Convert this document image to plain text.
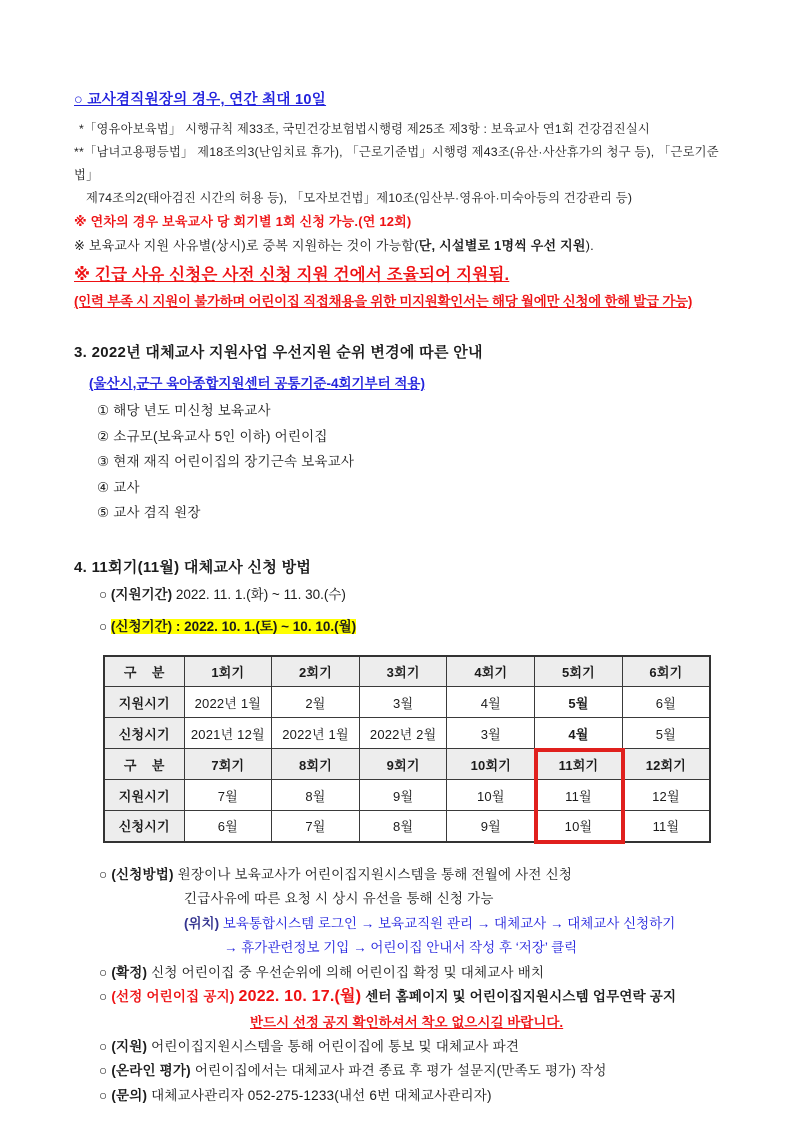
○ 교사겸직원장의 경우, 연간 최대 10일
*「영유아보육법」 시행규칙 제33조, 국민건강보험법시행령 제25조 제3항 : 보육교사 연1회 건강검진실시
**「남녀고용평등법」 제18조의3(난임치료 휴가), 「근로기준법」시행령 제43조(유산·사산휴가의 청구 등), 「근로기준법」
제74조의2(태아검진 시간의 허용 등), 「모자보건법」제10조(임산부·영유아·미숙아등의 건강관리 등)
※ 연차의 경우 보육교사 당 회기별 1회 신청 가능.(연 12회)
※ 보육교사 지원 사유별(상시)로 중복 지원하는 것이 가능함(단, 시설별로 1명씩 우선 지원).
※ 긴급 사유 신청은 사전 신청 지원 건에서 조율되어 지원됨.
(인력 부족 시 지원이 불가하며 어린이집 직접채용을 위한 미지원확인서는 해당 월에만 신청에 한해 발급 가능)
3. 2022년 대체교사 지원사업 우선지원 순위 변경에 따른 안내
(울산시,군구 육아종합지원센터 공통기준-4회기부터 적용)
① 해당 년도 미신청 보육교사
② 소규모(보육교사 5인 이하) 어린이집
③ 현재 재직 어린이집의 장기근속 보육교사
④ 교사
⑤ 교사 겸직 원장
4. 11회기(11월) 대체교사 신청 방법
○ (지원기간) 2022. 11. 1.(화) ~ 11. 30.(수)
○ (신청기간) : 2022. 10. 1.(토) ~ 10. 10.(월)
구    분	1회기	2회기	3회기	4회기	5회기	6회기
지원시기	2022년 1월	2월	3월	4월	5월	6월
신청시기	2021년 12월	2022년 1월	2022년 2월	3월	4월	5월
구    분	7회기	8회기	9회기	10회기	11회기	12회기
지원시기	7월	8월	9월	10월	11월	12월
신청시기	6월	7월	8월	9월	10월	11월
○ (신청방법) 원장이나 보육교사가 어린이집지원시스템을 통해 전월에 사전 신청
긴급사유에 따른 요청 시 상시 유선을 통해 신청 가능
(위치) 보육통합시스템 로그인 → 보육교직원 관리 → 대체교사 → 대체교사 신청하기
→ 휴가관련정보 기입 → 어린이집 안내서 작성 후 ‘저장’ 클릭
○ (확정) 신청 어린이집 중 우선순위에 의해 어린이집 확정 및 대체교사 배치
○ (선정 어린이집 공지) 2022. 10. 17.(월) 센터 홈페이지 및 어린이집지원시스템 업무연락 공지
반드시 선정 공지 확인하셔서 착오 없으시길 바랍니다.
○ (지원) 어린이집지원시스템을 통해 어린이집에 통보 및 대체교사 파견
○ (온라인 평가) 어린이집에서는 대체교사 파견 종료 후 평가 설문지(만족도 평가) 작성
○ (문의) 대체교사관리자 052-275-1233(내선 6번 대체교사관리자)
